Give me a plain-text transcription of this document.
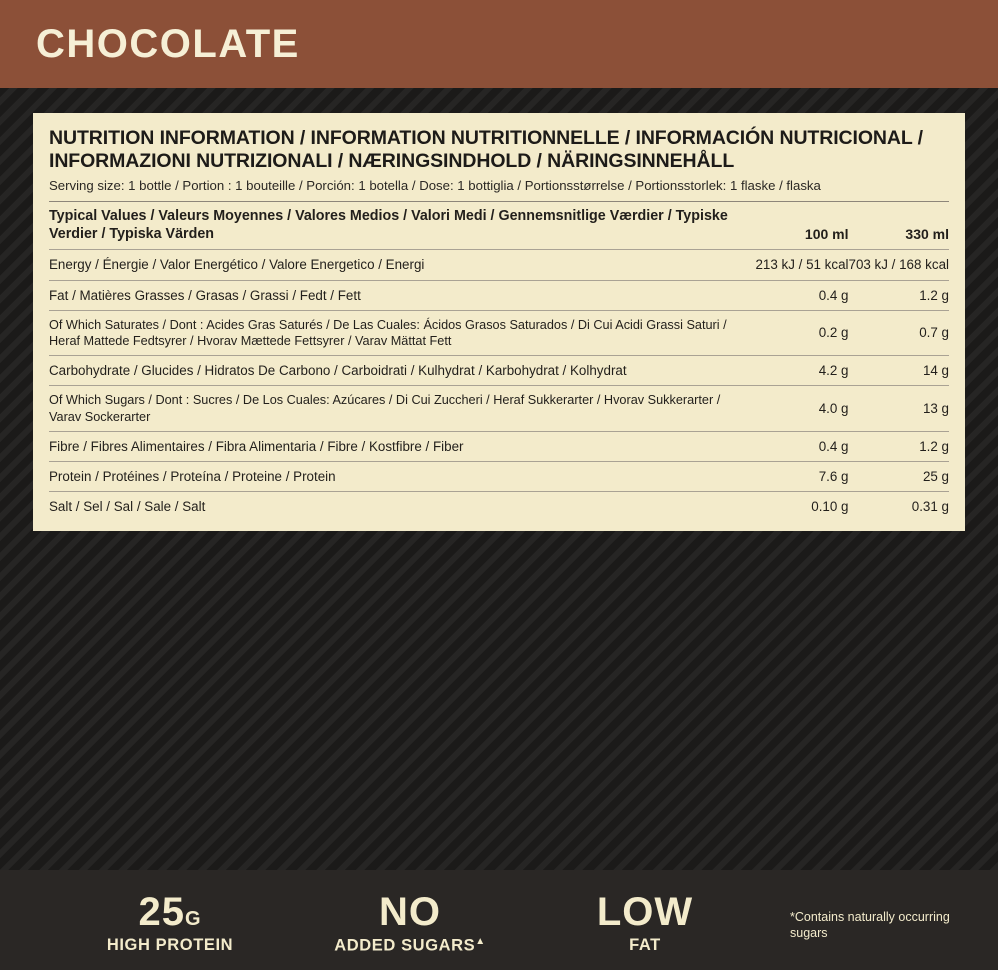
CHOCOLATE
NUTRITION INFORMATION / INFORMATION NUTRITIONNELLE / INFORMACIÓN NUTRICIONAL / INFORMAZIONI NUTRIZIONALI / NÆRINGSINDHOLD / NÄRINGSINNEHÅLL
Serving size: 1 bottle / Portion : 1 bouteille / Porción: 1 botella / Dose: 1 bottiglia / Portionsstørrelse / Portionsstorlek: 1 flaske / flaska
Typical Values / Valeurs Moyennes / Valores Medios / Valori Medi / Gennemsnitlige Værdier / Typiske Verdier / Typiska Värden	100 ml	330 ml
Energy / Énergie / Valor Energético / Valore Energetico / Energi	213 kJ / 51 kcal	703 kJ / 168 kcal
Fat / Matières Grasses / Grasas / Grassi / Fedt / Fett	0.4 g	1.2 g
Of Which Saturates / Dont : Acides Gras Saturés / De Las Cuales: Ácidos Grasos Saturados / Di Cui Acidi Grassi Saturi / Heraf Mattede Fedtsyrer / Hvorav Mættede Fettsyrer / Varav Mättat Fett	0.2 g	0.7 g
Carbohydrate / Glucides / Hidratos De Carbono / Carboidrati / Kulhydrat / Karbohydrat / Kolhydrat	4.2 g	14 g
Of Which Sugars / Dont : Sucres / De Los Cuales: Azúcares / Di Cui Zuccheri / Heraf Sukkerarter / Hvorav Sukkerarter / Varav Sockerarter	4.0 g	13 g
Fibre / Fibres Alimentaires / Fibra Alimentaria / Fibre / Kostfibre / Fiber	0.4 g	1.2 g
Protein / Protéines / Proteína / Proteine / Protein	7.6 g	25 g
Salt / Sel / Sal / Sale / Salt	0.10 g	0.31 g
25G
HIGH PROTEIN
NO
ADDED SUGARS▲
LOW
FAT
*Contains naturally occurring sugars
